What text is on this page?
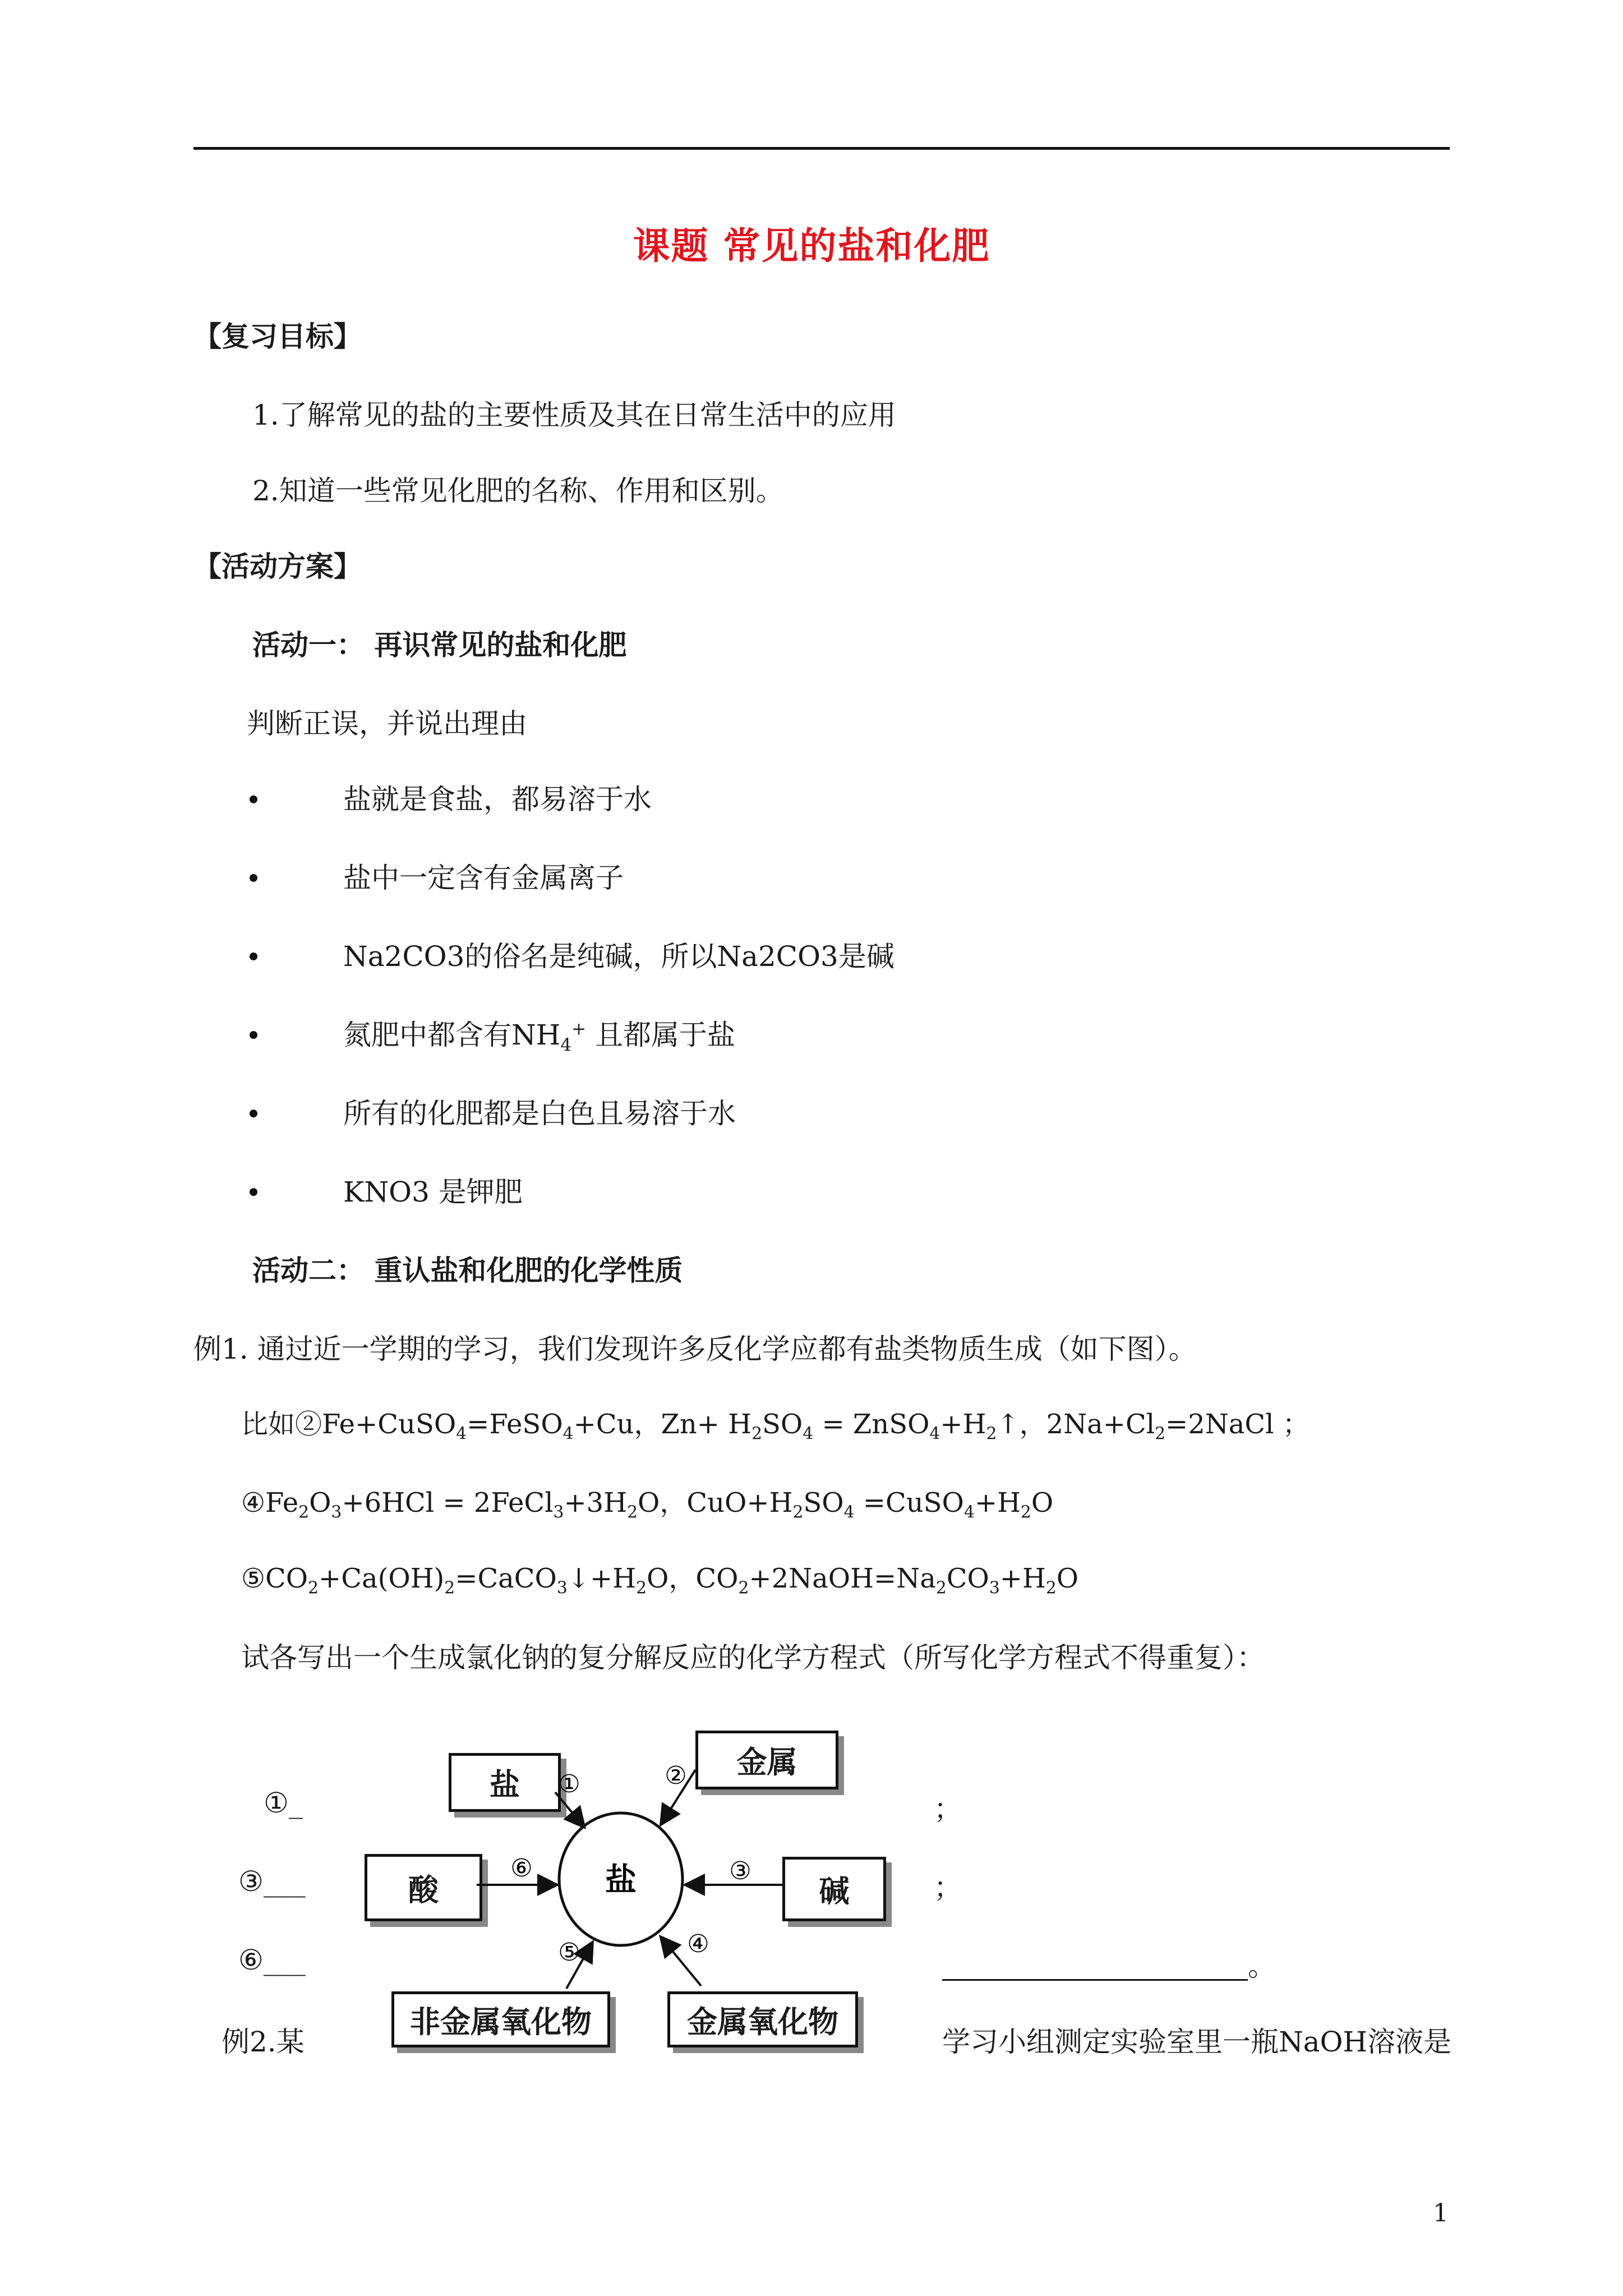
课题 常见的盐和化肥
【复习目标】
1.了解常见的盐的主要性质及其在日常生活中的应用
2.知道一些常见化肥的名称、作用和区别。
【活动方案】
活动一： 再识常见的盐和化肥
判断正误，并说出理由
盐就是食盐，都易溶于水
盐中一定含有金属离子
Na2CO3的俗名是纯碱，所以Na2CO3是碱
氮肥中都含有$NH_4^+$ 且都属于盐
所有的化肥都是白色且易溶于水
KNO3 是钾肥
活动二： 重认盐和化肥的化学性质
例1. 通过近一学期的学习，我们发现许多反化学应都有盐类物质生成（如下图）。
比如②Fe+CuSO$_4$=FeSO$_4$+Cu，$Zn+ H_2SO_4$ = $ZnSO_4+H_2↑$，$2Na+Cl_2=2NaCl$ ；
$④Fe_2O_3+6HCl$ = $2FeCl_3+3H_2O$，$CuO+H_2SO_4$ $=CuSO_4+H_2O$
$⑤CO_2+Ca(OH)_2=CaCO_3↓+H_2O$，$CO_2+2NaOH=Na_2CO_3+H_2O$
试各写出一个生成氯化钠的复分解反应的化学方程式（所写化学方程式不得重复）：
①_	；
③___	；
⑥___	。
例2.某	学习小组测定实验室里一瓶NaOH溶液是
盐
金属
酸	碱
非金属氧化物	金属氧化物
盐
①	②
③
④
⑤
⑥
1
